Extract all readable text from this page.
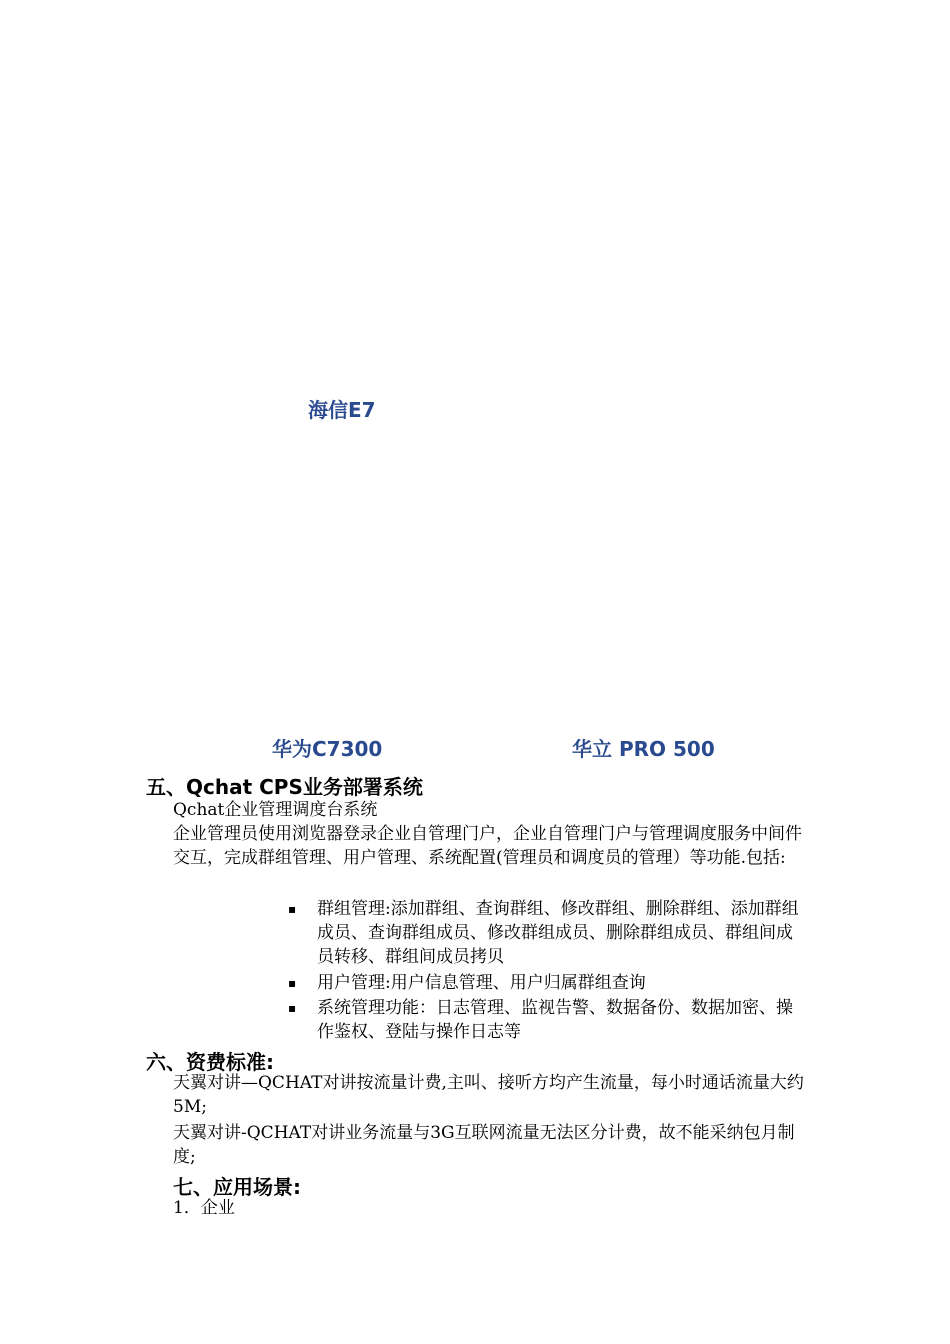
海信E7
华为C7300	华立 PRO 500
五、Qchat CPS业务部署系统
Qchat企业管理调度台系统
企业管理员使用浏览器登录企业自管理门户，企业自管理门户与管理调度服务中间件交互，完成群组管理、用户管理、系统配置(管理员和调度员的管理）等功能.包括:
▪ 群组管理:添加群组、查询群组、修改群组、删除群组、添加群组成员、查询群组成员、修改群组成员、删除群组成员、群组间成员转移、群组间成员拷贝
▪ 用户管理:用户信息管理、用户归属群组查询
▪ 系统管理功能：日志管理、监视告警、数据备份、数据加密、操作鉴权、登陆与操作日志等
六、资费标准:
天翼对讲—QCHAT对讲按流量计费,主叫、接听方均产生流量，每小时通话流量大约5M;
天翼对讲-QCHAT对讲业务流量与3G互联网流量无法区分计费，故不能采纳包月制度;
七、应用场景:
1．企业
